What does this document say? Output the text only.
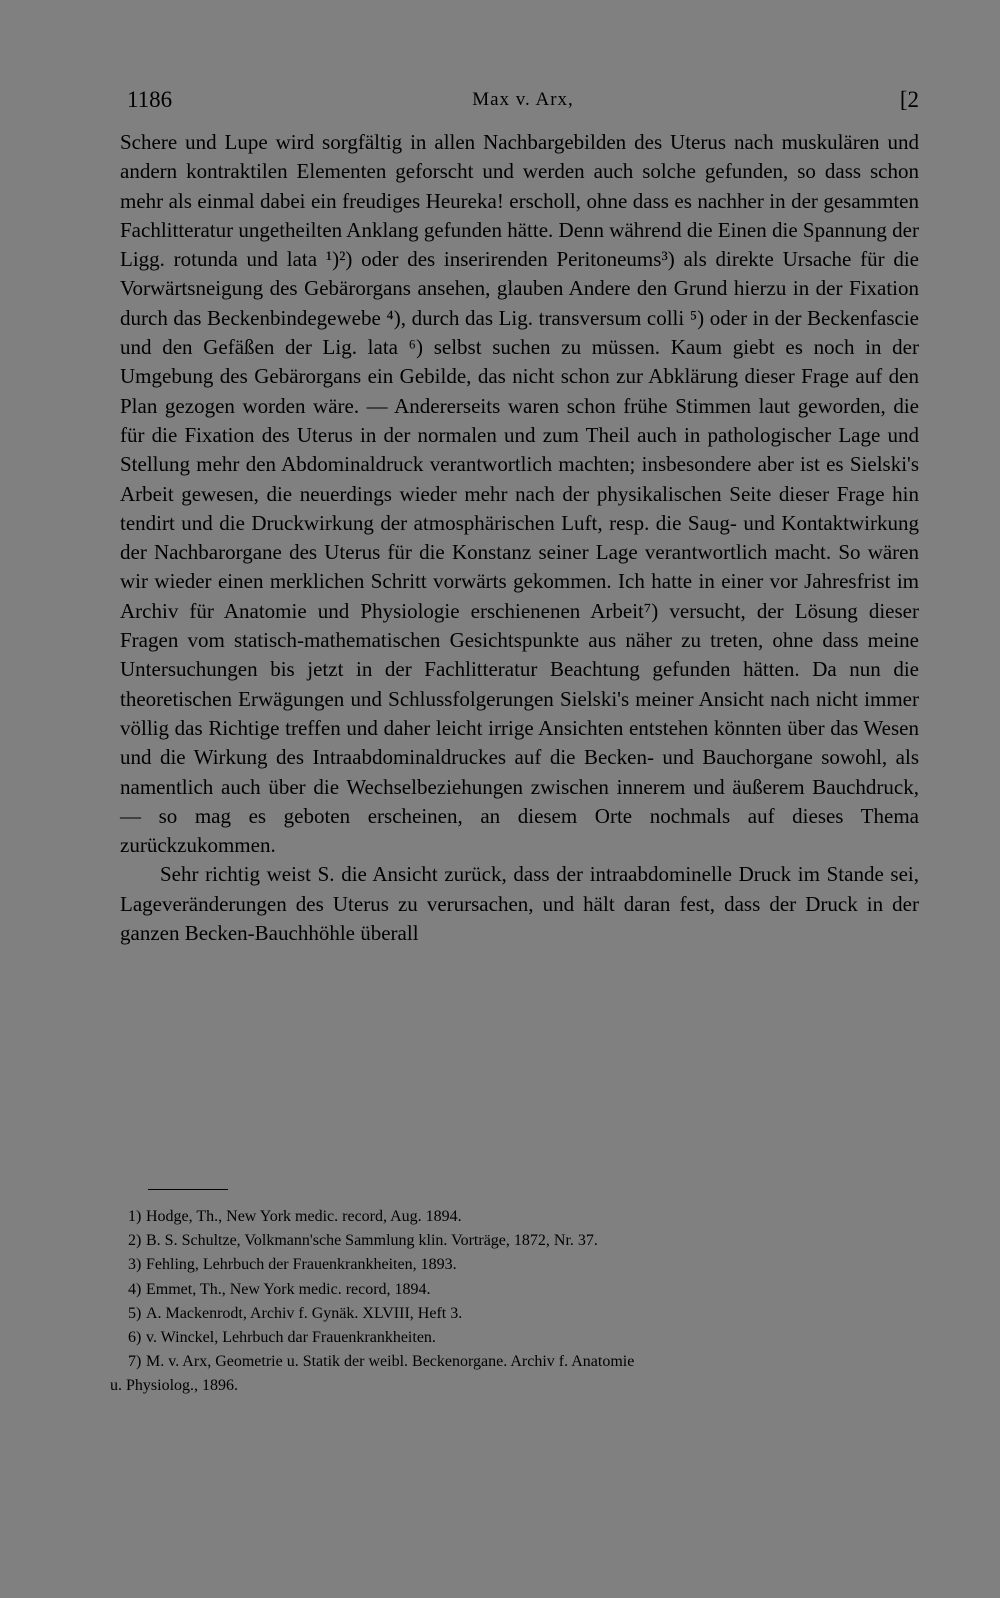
1186	Max v. Arx,	[2

Schere und Lupe wird sorgfältig in allen Nachbargebilden des Uterus nach muskulären und andern kontraktilen Elementen geforscht und werden auch solche gefunden, so dass schon mehr als einmal dabei ein freudiges Heureka! erscholl, ohne dass es nachher in der gesammten Fachlitteratur ungetheilten Anklang gefunden hätte. Denn während die Einen die Spannung der Ligg. rotunda und lata ¹)²) oder des inserirenden Peritoneums³) als direkte Ursache für die Vorwärtsneigung des Gebärorgans ansehen, glauben Andere den Grund hierzu in der Fixation durch das Beckenbindegewebe ⁴), durch das Lig. transversum colli ⁵) oder in der Beckenfascie und den Gefäßen der Lig. lata ⁶) selbst suchen zu müssen. Kaum giebt es noch in der Umgebung des Gebärorgans ein Gebilde, das nicht schon zur Abklärung dieser Frage auf den Plan gezogen worden wäre. — Andererseits waren schon frühe Stimmen laut geworden, die für die Fixation des Uterus in der normalen und zum Theil auch in pathologischer Lage und Stellung mehr den Abdominaldruck verantwortlich machten; insbesondere aber ist es Sielski's Arbeit gewesen, die neuerdings wieder mehr nach der physikalischen Seite dieser Frage hin tendirt und die Druckwirkung der atmosphärischen Luft, resp. die Saug- und Kontaktwirkung der Nachbarorgane des Uterus für die Konstanz seiner Lage verantwortlich macht. So wären wir wieder einen merklichen Schritt vorwärts gekommen. Ich hatte in einer vor Jahresfrist im Archiv für Anatomie und Physiologie erschienenen Arbeit⁷) versucht, der Lösung dieser Fragen vom statisch-mathematischen Gesichtspunkte aus näher zu treten, ohne dass meine Untersuchungen bis jetzt in der Fachlitteratur Beachtung gefunden hätten. Da nun die theoretischen Erwägungen und Schlussfolgerungen Sielski's meiner Ansicht nach nicht immer völlig das Richtige treffen und daher leicht irrige Ansichten entstehen könnten über das Wesen und die Wirkung des Intraabdominaldruckes auf die Becken- und Bauchorgane sowohl, als namentlich auch über die Wechselbeziehungen zwischen innerem und äußerem Bauchdruck, — so mag es geboten erscheinen, an diesem Orte nochmals auf dieses Thema zurückzukommen.

Sehr richtig weist S. die Ansicht zurück, dass der intraabdominelle Druck im Stande sei, Lageveränderungen des Uterus zu verursachen, und hält daran fest, dass der Druck in der ganzen Becken-Bauchhöhle überall

1) Hodge, Th., New York medic. record, Aug. 1894.
2) B. S. Schultze, Volkmann'sche Sammlung klin. Vorträge, 1872, Nr. 37.
3) Fehling, Lehrbuch der Frauenkrankheiten, 1893.
4) Emmet, Th., New York medic. record, 1894.
5) A. Mackenrodt, Archiv f. Gynäk. XLVIII, Heft 3.
6) v. Winckel, Lehrbuch dar Frauenkrankheiten.
7) M. v. Arx, Geometrie u. Statik der weibl. Beckenorgane. Archiv f. Anatomie
u. Physiolog., 1896.
